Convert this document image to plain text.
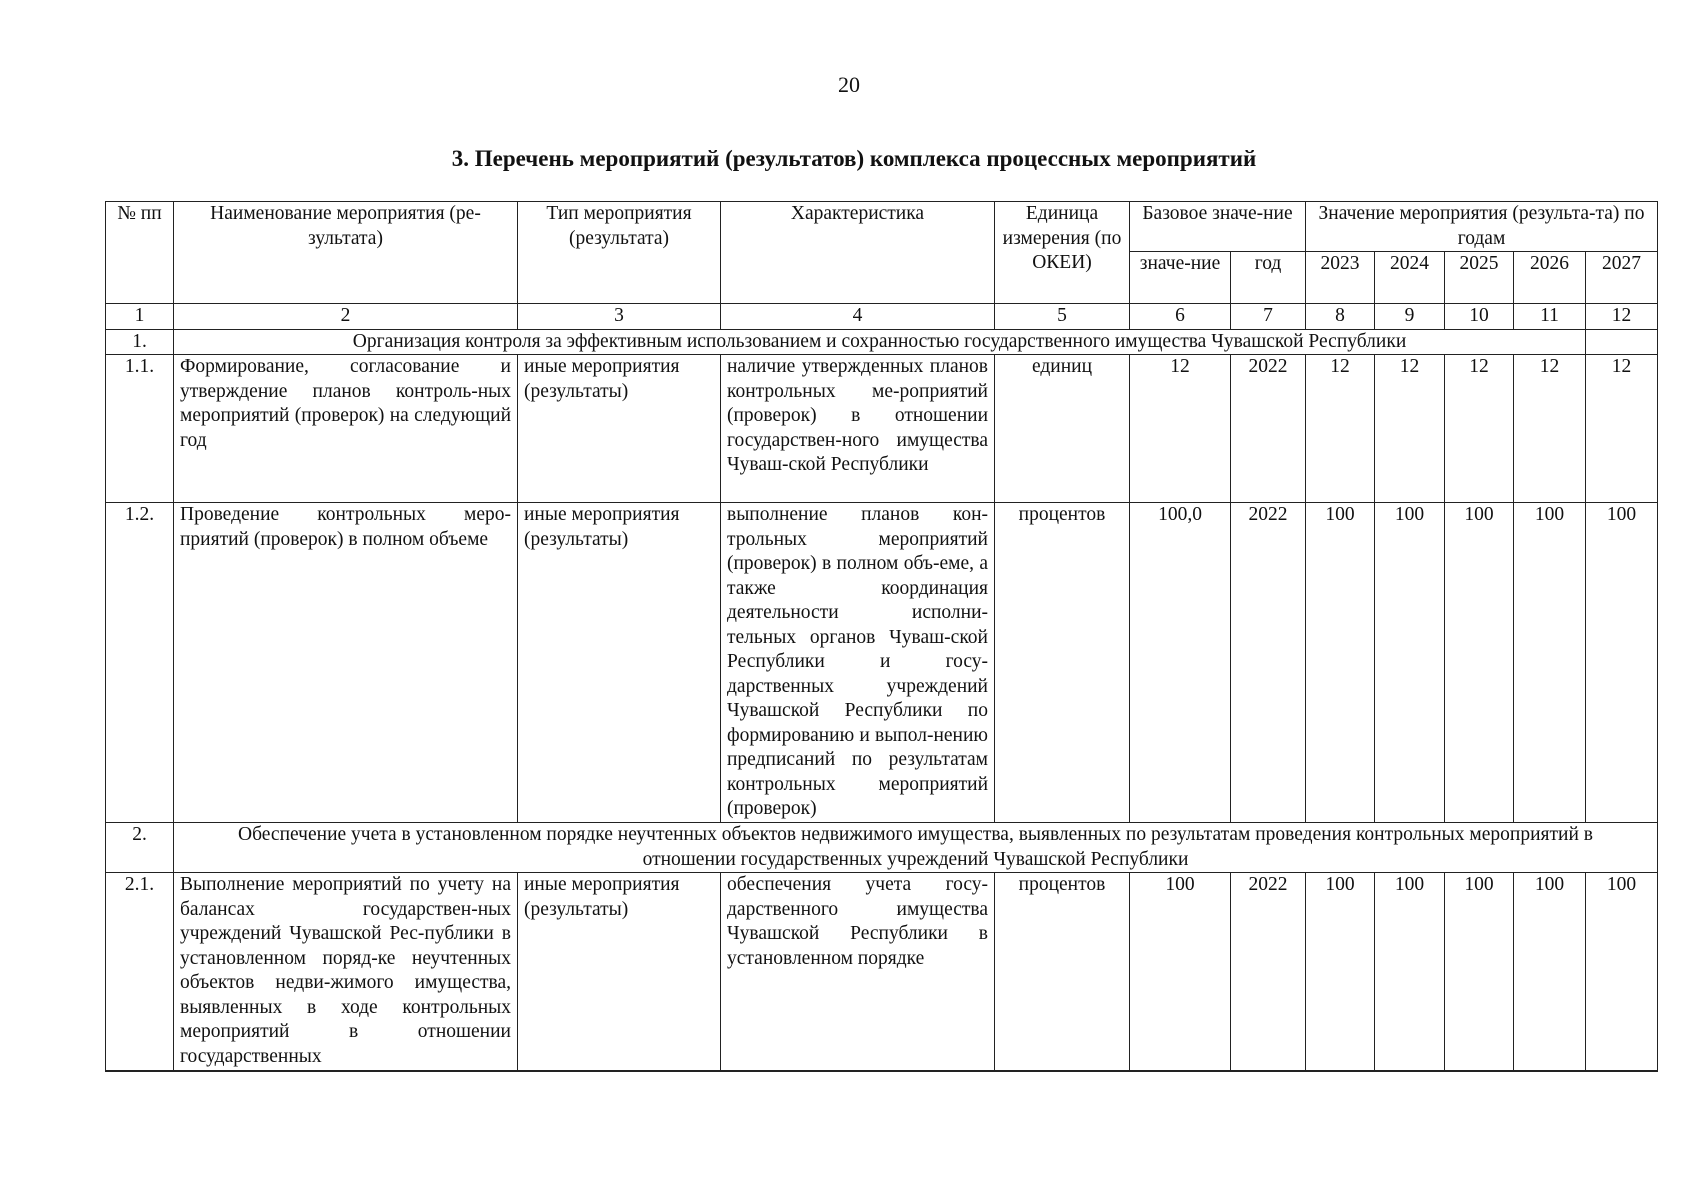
20
3. Перечень мероприятий (результатов) комплекса процессных мероприятий
№ пп	Наименование мероприятия (ре-зультата)	Тип мероприятия (результата)	Характеристика	Единица измерения (по ОКЕИ)	Базовое значе-ние		Значение мероприятия (результа-та) по годам				
					значе-ние	год	2023	2024	2025	2026	2027
1	2	3	4	5	6	7	8	9	10	11	12
1.	Организация контроля за эффективным использованием и сохранностью государственного имущества Чувашской Республики										
1.1.	Формирование, согласование и утверждение планов контроль-ных мероприятий (проверок) на следующий год	иные мероприятия (результаты)	наличие утвержденных планов контрольных ме-роприятий (проверок) в отношении государствен-ного имущества Чуваш-ской Республики	единиц	12	2022	12	12	12	12	12
1.2.	Проведение контрольных меро-приятий (проверок) в полном объеме	иные мероприятия (результаты)	выполнение планов кон-трольных мероприятий (проверок) в полном объ-еме, а также координация деятельности исполни-тельных органов Чуваш-ской Республики и госу-дарственных учреждений Чувашской Республики по формированию и выпол-нению предписаний по результатам контрольных мероприятий (проверок)	процентов	100,0	2022	100	100	100	100	100
2.	Обеспечение учета в установленном порядке неучтенных объектов недвижимого имущества, выявленных по результатам проведения контрольных мероприятий в отношении государственных учреждений Чувашской Республики										
2.1.	Выполнение мероприятий по учету на балансах государствен-ных учреждений Чувашской Рес-публики в установленном поряд-ке неучтенных объектов недви-жимого имущества, выявленных в ходе контрольных мероприятий в отношении государственных	иные мероприятия (результаты)	обеспечения учета госу-дарственного имущества Чувашской Республики в установленном порядке	процентов	100	2022	100	100	100	100	100
